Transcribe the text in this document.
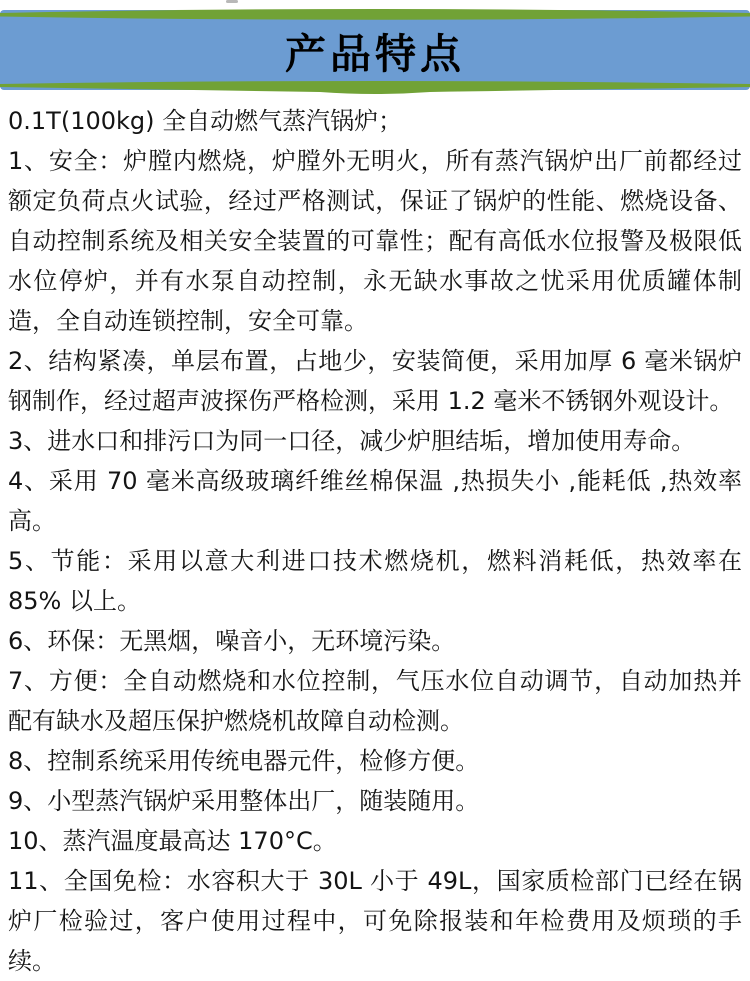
产品特点

0.1T(100kg) 全自动燃气蒸汽锅炉；

1、安全：炉膛内燃烧，炉膛外无明火，所有蒸汽锅炉出厂前都经过额定负荷点火试验，经过严格测试，保证了锅炉的性能、燃烧设备、自动控制系统及相关安全装置的可靠性；配有高低水位报警及极限低水位停炉，并有水泵自动控制，永无缺水事故之忧采用优质罐体制造，全自动连锁控制，安全可靠。

2、结构紧凑，单层布置，占地少，安装简便，采用加厚 6 毫米锅炉钢制作，经过超声波探伤严格检测，采用 1.2 毫米不锈钢外观设计。

3、进水口和排污口为同一口径，减少炉胆结垢，增加使用寿命。

4、采用 70 毫米高级玻璃纤维丝棉保温 ,热损失小 ,能耗低 ,热效率高。

5、节能：采用以意大利进口技术燃烧机，燃料消耗低，热效率在 85% 以上。

6、环保：无黑烟，噪音小，无环境污染。

7、方便：全自动燃烧和水位控制，气压水位自动调节，自动加热并配有缺水及超压保护燃烧机故障自动检测。

8、控制系统采用传统电器元件，检修方便。

9、小型蒸汽锅炉采用整体出厂，随装随用。

10、蒸汽温度最高达 170°C。

11、全国免检：水容积大于 30L 小于 49L，国家质检部门已经在锅炉厂检验过，客户使用过程中，可免除报装和年检费用及烦琐的手续。
